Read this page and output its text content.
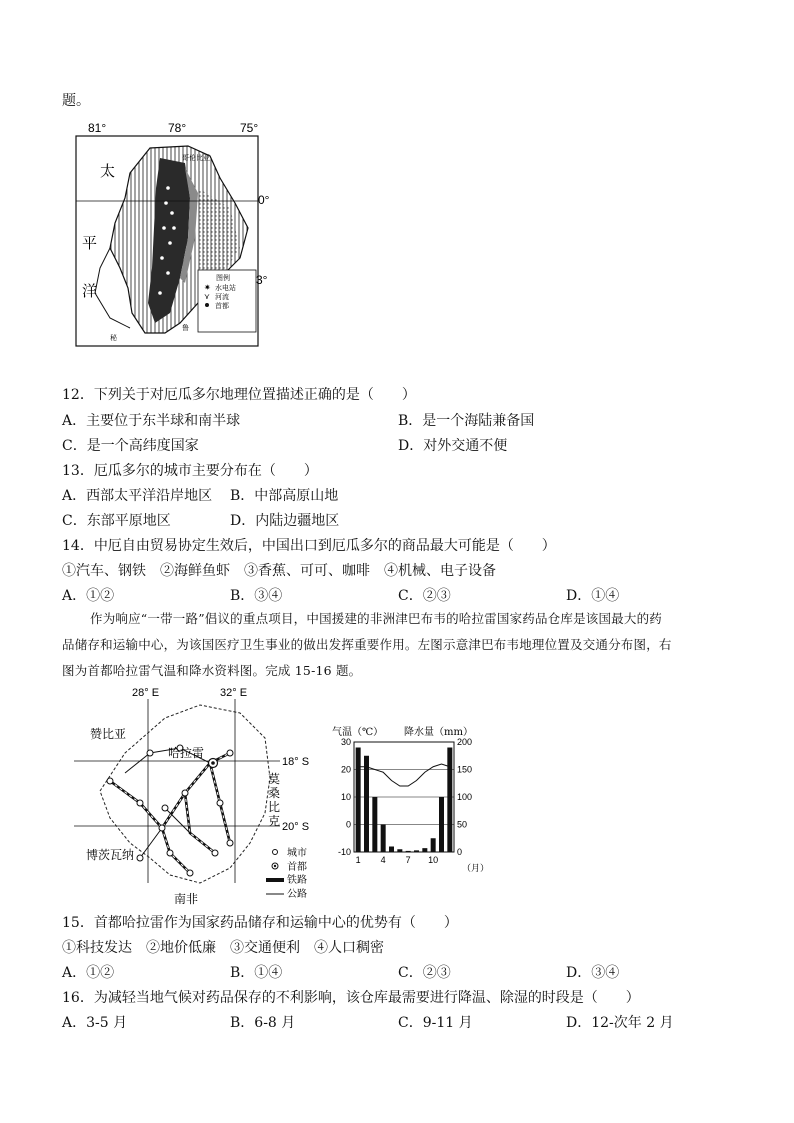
题。
81°	78°	75°
0°
3°
太
平
洋
哥伦比亚
秘
鲁
图例
✷ 水电站
⋎ 河流
首都
12．下列关于对厄瓜多尔地理位置描述正确的是（　　）
A．主要位于东半球和南半球	B．是一个海陆兼备国
C．是一个高纬度国家	D．对外交通不便
13．厄瓜多尔的城市主要分布在（　　）
A．西部太平洋沿岸地区 B．中部高原山地
C．东部平原地区	D．内陆边疆地区
14．中厄自由贸易协定生效后，中国出口到厄瓜多尔的商品最大可能是（　　）
①汽车、钢铁　②海鲜鱼虾　③香蕉、可可、咖啡　④机械、电子设备
A．①②	B．③④	C．②③	D．①④
作为响应“一带一路”倡议的重点项目，中国援建的非洲津巴布韦的哈拉雷国家药品仓库是该国最大的药
品储存和运输中心，为该国医疗卫生事业的做出发挥重要作用。左图示意津巴布韦地理位置及交通分布图，右
图为首都哈拉雷气温和降水资料图。完成 15-16 题。
28° E	32° E
18° S
20° S
赞比亚
哈拉雷
莫
桑
比
克
博茨瓦纳
南非
城市
首都
铁路
公路
气温（℃） 降水量（mm）
（月）
-10
0
10
20
30
0
50
100
150
200
1 4 7 10
15．首都哈拉雷作为国家药品储存和运输中心的优势有（　　）
①科技发达　②地价低廉　③交通便利　④人口稠密
A．①②	B．①④	C．②③	D．③④
16．为减轻当地气候对药品保存的不利影响，该仓库最需要进行降温、除湿的时段是（　　）
A．3-5 月	B．6-8 月	C．9-11 月	D．12-次年 2 月
